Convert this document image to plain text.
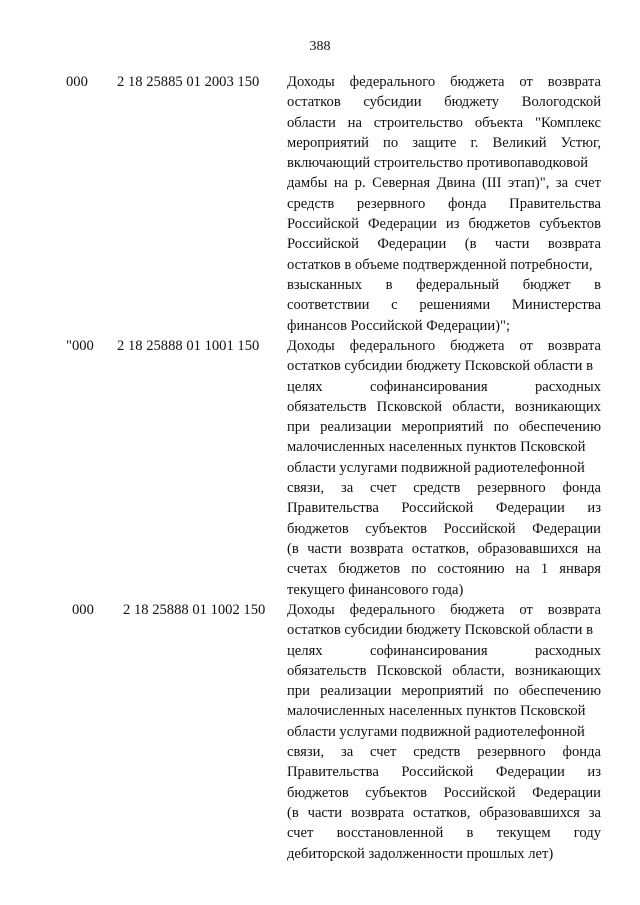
388
000 2 18 25885 01 2003 150 Доходы федерального бюджета от возврата
остатков субсидии бюджету Вологодской
области на строительство объекта "Комплекс
мероприятий по защите г. Великий Устюг,
включающий строительство противопаводковой
дамбы на р. Северная Двина (III этап)", за счет
средств резервного фонда Правительства
Российской Федерации из бюджетов субъектов
Российской Федерации (в части возврата
остатков в объеме подтвержденной потребности,
взысканных в федеральный бюджет в
соответствии с решениями Министерства
финансов Российской Федерации)";
"000 2 18 25888 01 1001 150 Доходы федерального бюджета от возврата
остатков субсидии бюджету Псковской области в
целях софинансирования расходных
обязательств Псковской области, возникающих
при реализации мероприятий по обеспечению
малочисленных населенных пунктов Псковской
области услугами подвижной радиотелефонной
связи, за счет средств резервного фонда
Правительства Российской Федерации из
бюджетов субъектов Российской Федерации
(в части возврата остатков, образовавшихся на
счетах бюджетов по состоянию на 1 января
текущего финансового года)
000 2 18 25888 01 1002 150 Доходы федерального бюджета от возврата
остатков субсидии бюджету Псковской области в
целях софинансирования расходных
обязательств Псковской области, возникающих
при реализации мероприятий по обеспечению
малочисленных населенных пунктов Псковской
области услугами подвижной радиотелефонной
связи, за счет средств резервного фонда
Правительства Российской Федерации из
бюджетов субъектов Российской Федерации
(в части возврата остатков, образовавшихся за
счет восстановленной в текущем году
дебиторской задолженности прошлых лет)
